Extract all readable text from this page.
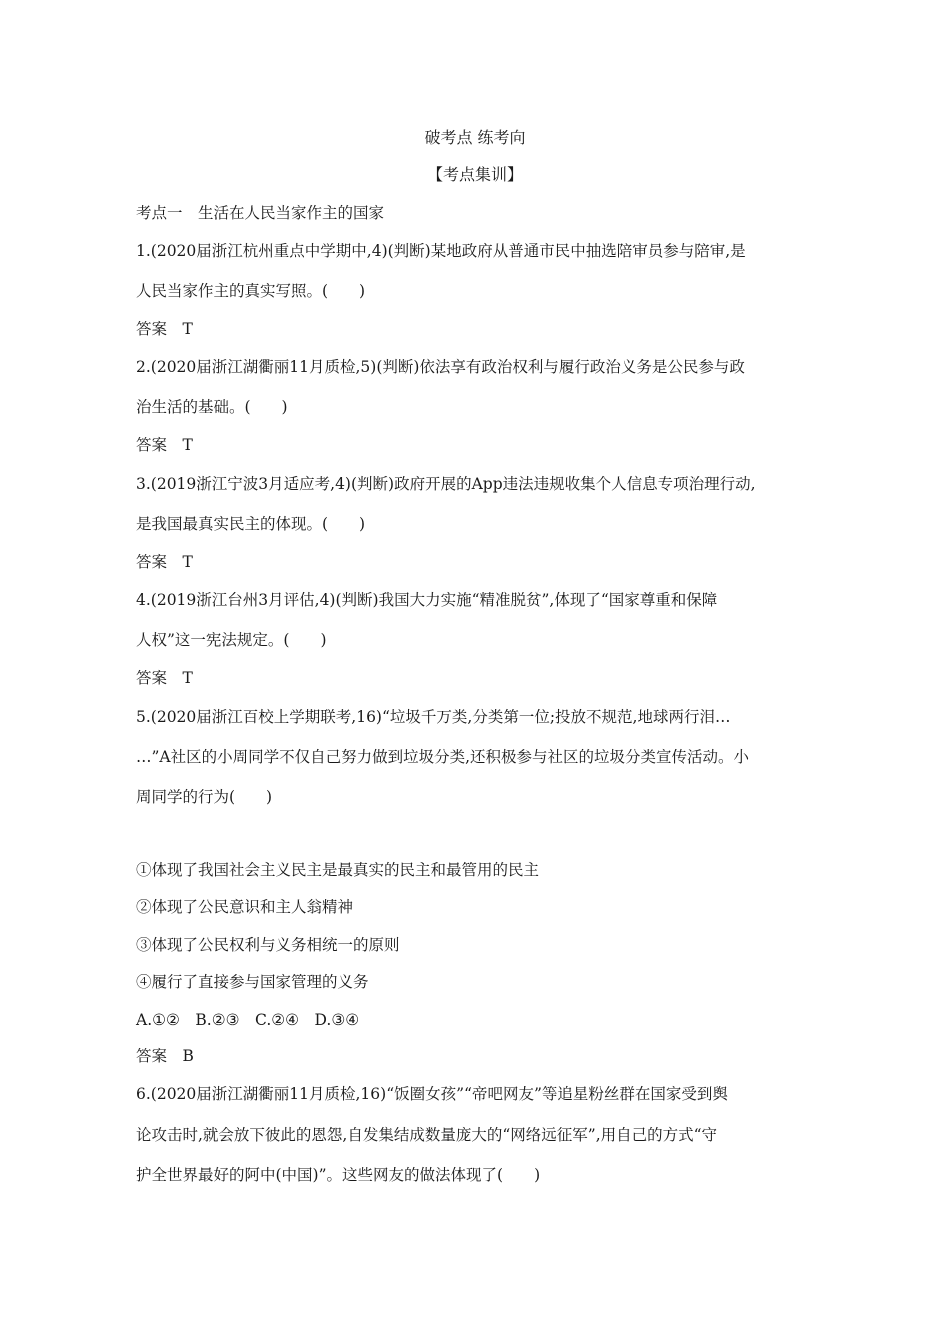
破考点 练考向
【考点集训】
考点一　生活在人民当家作主的国家
1.(2020届浙江杭州重点中学期中,4)(判断)某地政府从普通市民中抽选陪审员参与陪审,是
人民当家作主的真实写照。(　　)
答案　T
2.(2020届浙江湖衢丽11月质检,5)(判断)依法享有政治权利与履行政治义务是公民参与政
治生活的基础。(　　)
答案　T
3.(2019浙江宁波3月适应考,4)(判断)政府开展的App违法违规收集个人信息专项治理行动,
是我国最真实民主的体现。(　　)
答案　T
4.(2019浙江台州3月评估,4)(判断)我国大力实施“精准脱贫”,体现了“国家尊重和保障
人权”这一宪法规定。(　　)
答案　T
5.(2020届浙江百校上学期联考,16)“垃圾千万类,分类第一位;投放不规范,地球两行泪…
…”A社区的小周同学不仅自己努力做到垃圾分类,还积极参与社区的垃圾分类宣传活动。小
周同学的行为(　　)
①体现了我国社会主义民主是最真实的民主和最管用的民主
②体现了公民意识和主人翁精神
③体现了公民权利与义务相统一的原则
④履行了直接参与国家管理的义务
A.①②　B.②③　C.②④　D.③④
答案　B
6.(2020届浙江湖衢丽11月质检,16)“饭圈女孩”“帝吧网友”等追星粉丝群在国家受到舆
论攻击时,就会放下彼此的恩怨,自发集结成数量庞大的“网络远征军”,用自己的方式“守
护全世界最好的阿中(中国)”。这些网友的做法体现了(　　)
